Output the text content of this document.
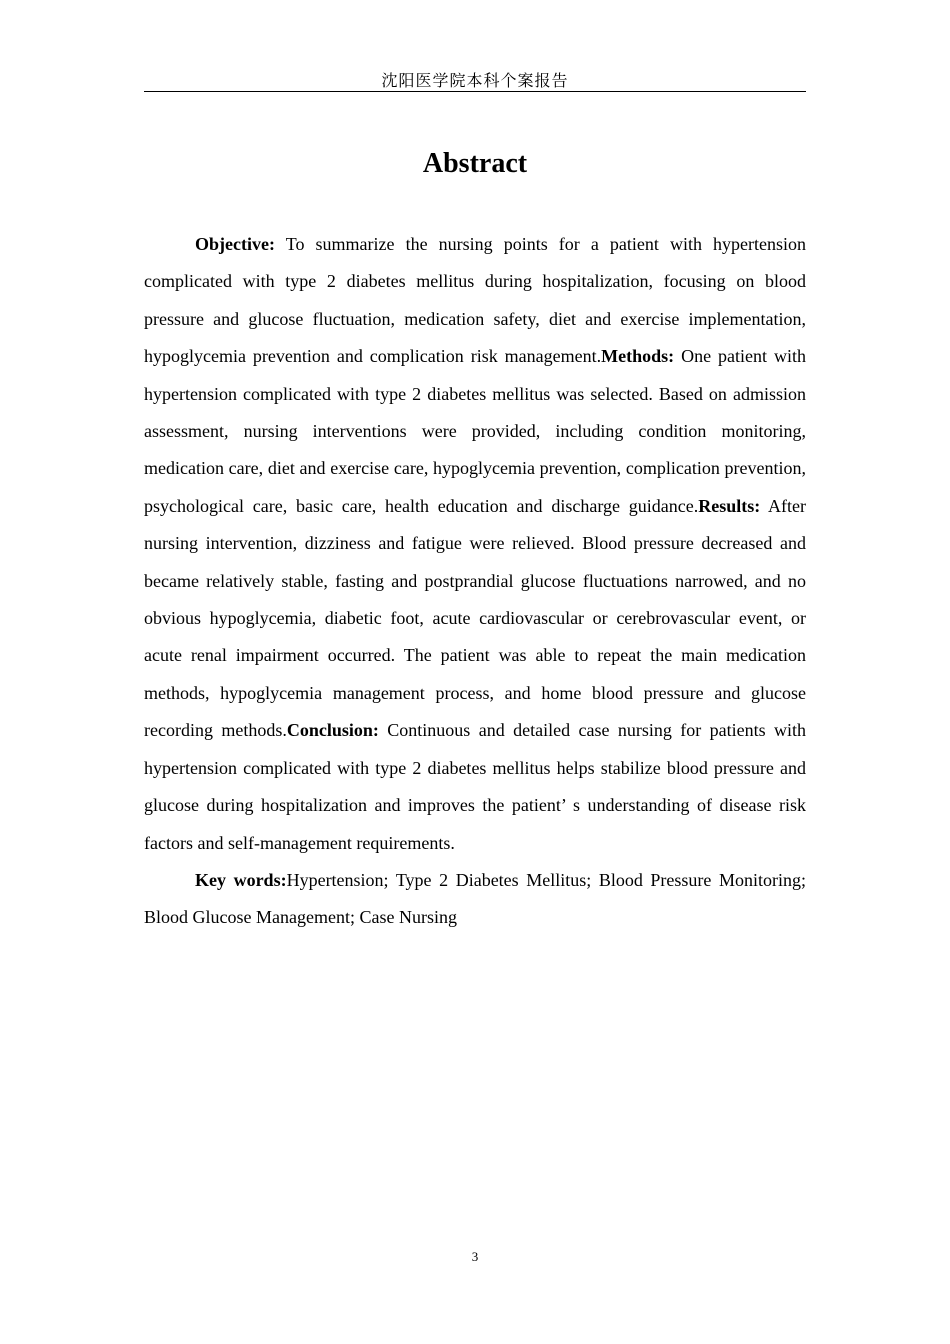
沈阳医学院本科个案报告
Abstract

Objective: To summarize the nursing points for a patient with hypertension complicated with type 2 diabetes mellitus during hospitalization, focusing on blood pressure and glucose fluctuation, medication safety, diet and exercise implementation, hypoglycemia prevention and complication risk management.Methods: One patient with hypertension complicated with type 2 diabetes mellitus was selected. Based on admission assessment, nursing interventions were provided, including condition monitoring, medication care, diet and exercise care, hypoglycemia prevention, complication prevention, psychological care, basic care, health education and discharge guidance.Results: After nursing intervention, dizziness and fatigue were relieved. Blood pressure decreased and became relatively stable, fasting and postprandial glucose fluctuations narrowed, and no obvious hypoglycemia, diabetic foot, acute cardiovascular or cerebrovascular event, or acute renal impairment occurred. The patient was able to repeat the main medication methods, hypoglycemia management process, and home blood pressure and glucose recording methods.Conclusion: Continuous and detailed case nursing for patients with hypertension complicated with type 2 diabetes mellitus helps stabilize blood pressure and glucose during hospitalization and improves the patient’ s understanding of disease risk factors and self-management requirements.

Key words:Hypertension; Type 2 Diabetes Mellitus; Blood Pressure Monitoring; Blood Glucose Management; Case Nursing

3
